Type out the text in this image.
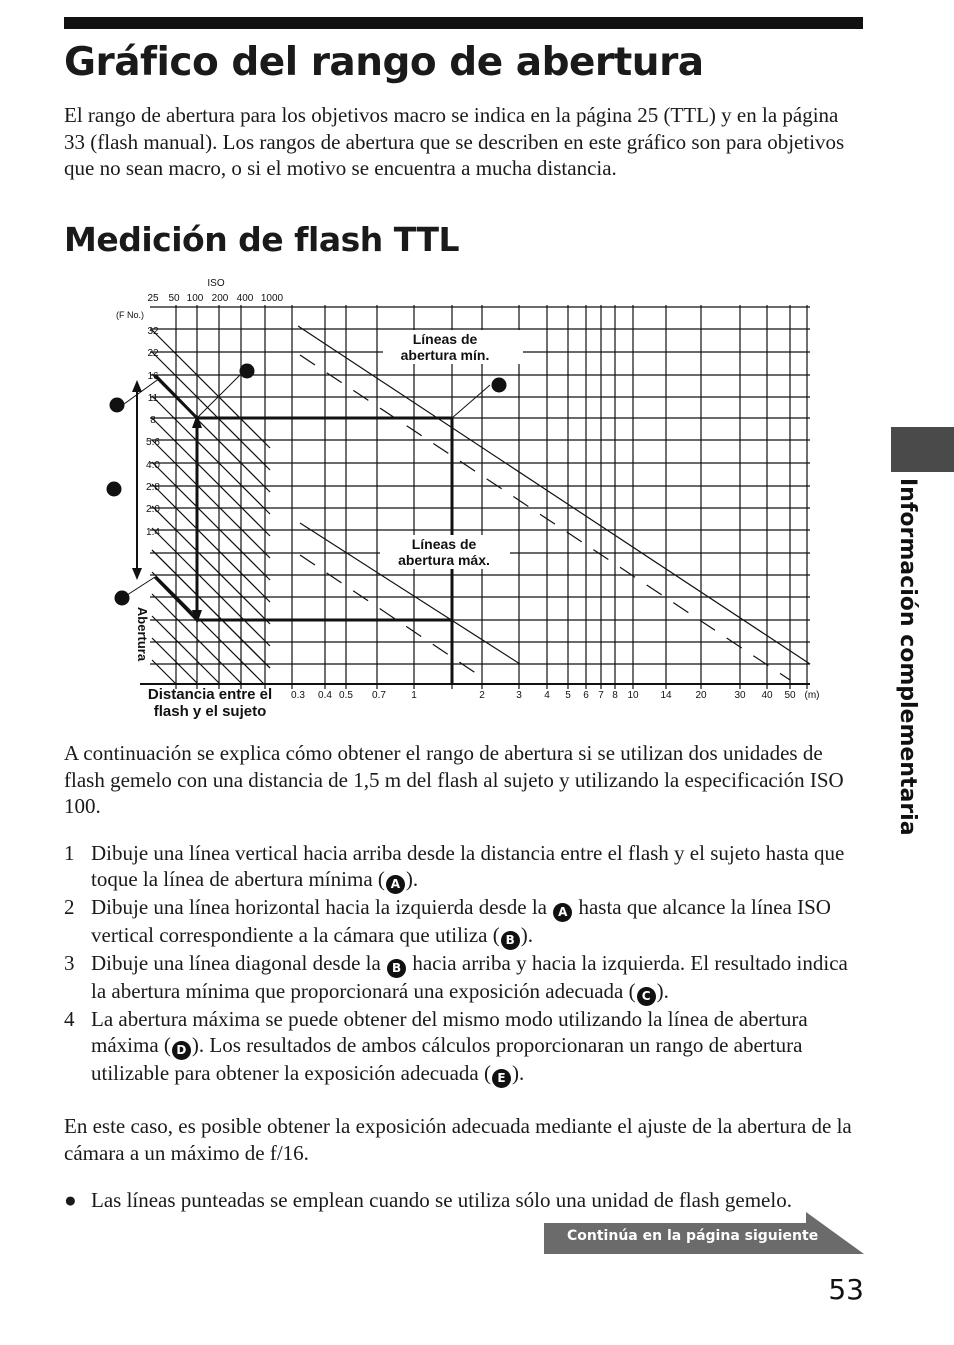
Gráfico del rango de abertura
El rango de abertura para los objetivos macro se indica en la página 25 (TTL) y en la página 33 (flash manual). Los rangos de abertura que se describen en este gráfico son para objetivos que no sean macro, o si el motivo se encuentra a mucha distancia.
Medición de flash TTL
A
B
C
D
E
ISO
25 50 100 200 400 1000
(F No.)
32
22
16
11
8
5.6
4.0
2.8
2.0
1.4
Abertura
0.3 0.4 0.5 0.7	1	2	3 4 5 6 7 8 10 14 20	30 40 50 (m)
Distancia entre el
flash y el sujeto
Líneas de
abertura mín.
Líneas de
abertura máx.
A continuación se explica cómo obtener el rango de abertura si se utilizan dos unidades de flash gemelo con una distancia de 1,5 m del flash al sujeto y utilizando la especificación ISO 100.
1 Dibuje una línea vertical hacia arriba desde la distancia entre el flash y el sujeto hasta que toque la línea de abertura mínima ( A ).
2 Dibuje una línea horizontal hacia la izquierda desde la A hasta que alcance la línea ISO vertical correspondiente a la cámara que utiliza ( B ).
3 Dibuje una línea diagonal desde la B hacia arriba y hacia la izquierda. El resultado indica la abertura mínima que proporcionará una exposición adecuada ( C ).
4 La abertura máxima se puede obtener del mismo modo utilizando la línea de abertura máxima ( D ). Los resultados de ambos cálculos proporcionaran un rango de abertura utilizable para obtener la exposición adecuada ( E ).
En este caso, es posible obtener la exposición adecuada mediante el ajuste de la abertura de la cámara a un máximo de f/16.
● Las líneas punteadas se emplean cuando se utiliza sólo una unidad de flash gemelo.
Información complementaria
Continúa en la página siguiente
53
